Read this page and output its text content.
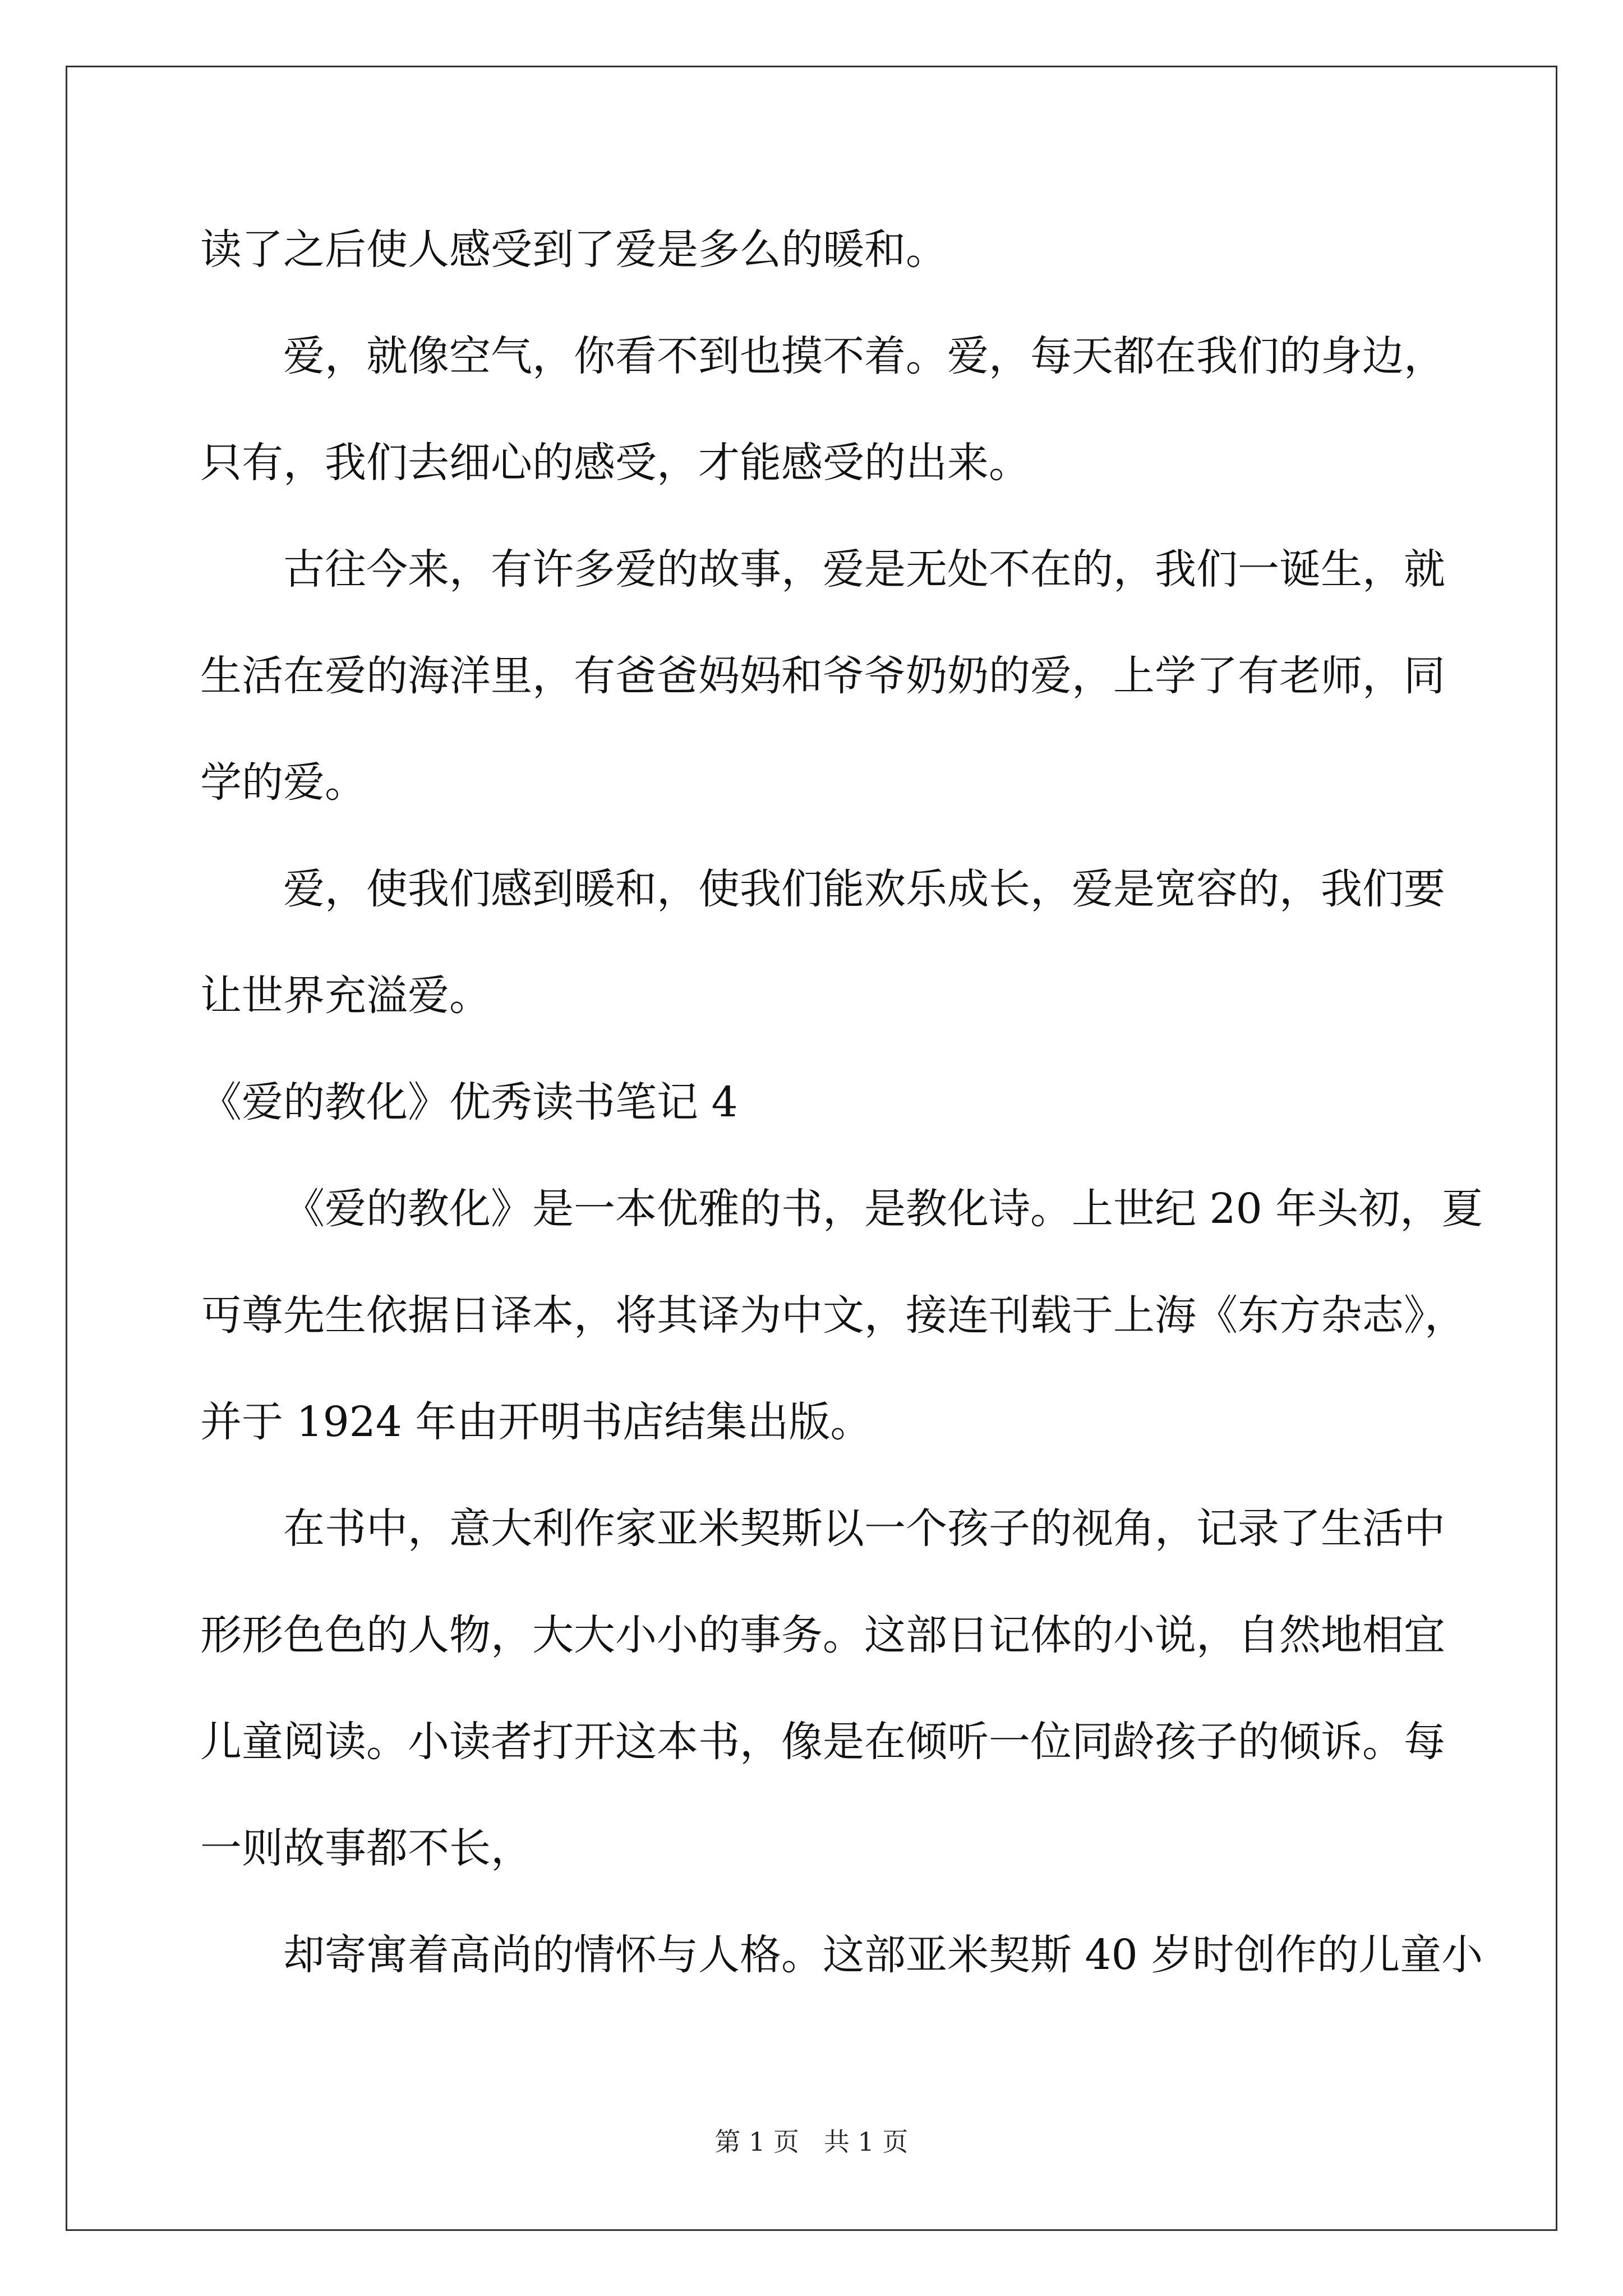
读了之后使人感受到了爱是多么的暖和。
爱，就像空气，你看不到也摸不着。爱，每天都在我们的身边，
只有，我们去细心的感受，才能感受的出来。
古往今来，有许多爱的故事，爱是无处不在的，我们一诞生，就
生活在爱的海洋里，有爸爸妈妈和爷爷奶奶的爱，上学了有老师，同
学的爱。
爱，使我们感到暖和，使我们能欢乐成长，爱是宽容的，我们要
让世界充溢爱。
《爱的教化》优秀读书笔记 4
《爱的教化》是一本优雅的书，是教化诗。上世纪 20 年头初，夏
丏尊先生依据日译本，将其译为中文，接连刊载于上海《东方杂志》，
并于 1924 年由开明书店结集出版。
在书中，意大利作家亚米契斯以一个孩子的视角，记录了生活中
形形色色的人物，大大小小的事务。这部日记体的小说，自然地相宜
儿童阅读。小读者打开这本书，像是在倾听一位同龄孩子的倾诉。每
一则故事都不长，
却寄寓着高尚的情怀与人格。这部亚米契斯 40 岁时创作的儿童小
第 1 页   共 1 页
